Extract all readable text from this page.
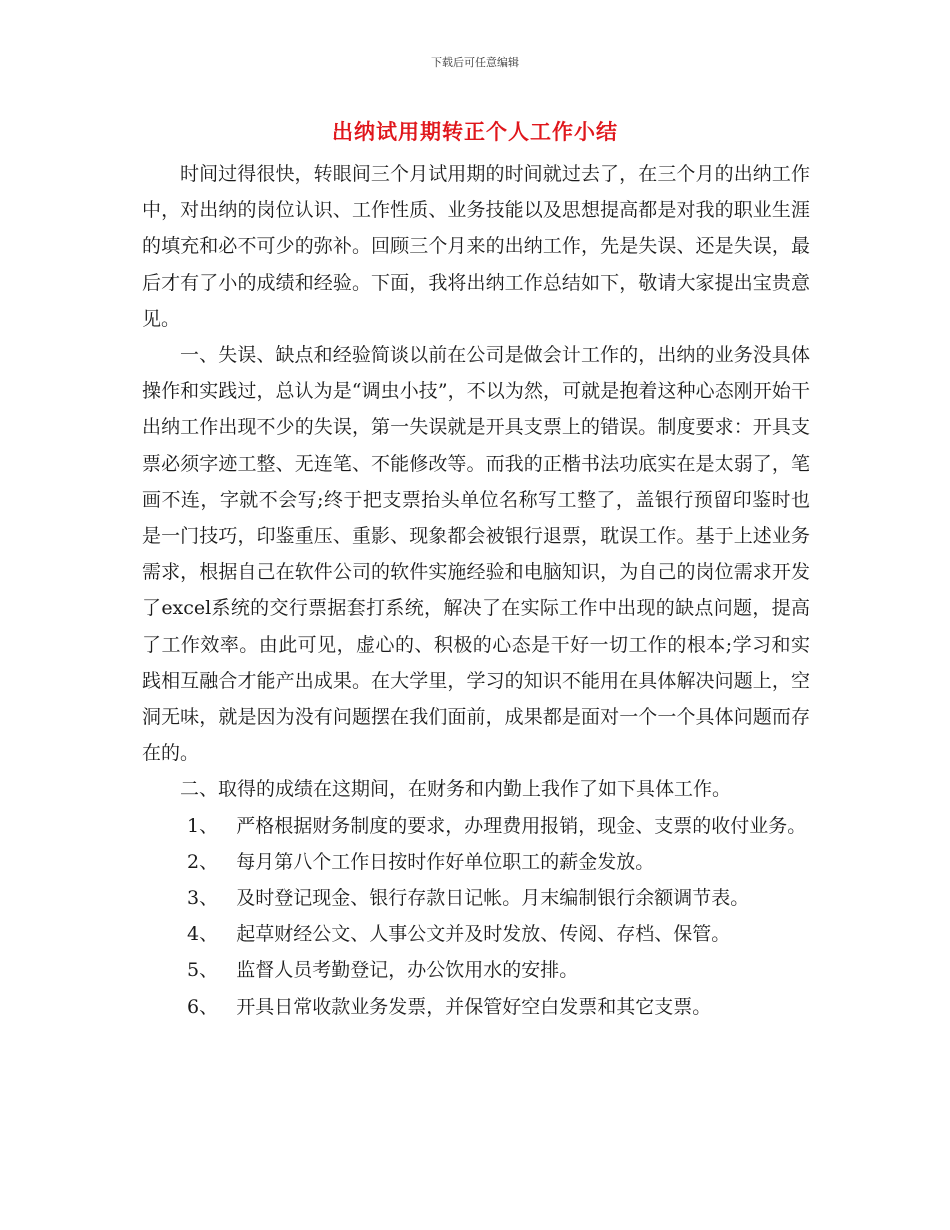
下载后可任意编辑
出纳试用期转正个人工作小结

时间过得很快，转眼间三个月试用期的时间就过去了，在三个月的出纳工作中，对出纳的岗位认识、工作性质、业务技能以及思想提高都是对我的职业生涯的填充和必不可少的弥补。回顾三个月来的出纳工作，先是失误、还是失误，最后才有了小的成绩和经验。下面，我将出纳工作总结如下，敬请大家提出宝贵意见。

一、失误、缺点和经验简谈以前在公司是做会计工作的，出纳的业务没具体操作和实践过，总认为是“调虫小技”，不以为然，可就是抱着这种心态刚开始干出纳工作出现不少的失误，第一失误就是开具支票上的错误。制度要求：开具支票必须字迹工整、无连笔、不能修改等。而我的正楷书法功底实在是太弱了，笔画不连，字就不会写;终于把支票抬头单位名称写工整了，盖银行预留印鉴时也是一门技巧，印鉴重压、重影、现象都会被银行退票，耽误工作。基于上述业务需求，根据自己在软件公司的软件实施经验和电脑知识，为自己的岗位需求开发了excel系统的交行票据套打系统，解决了在实际工作中出现的缺点问题，提高了工作效率。由此可见，虚心的、积极的心态是干好一切工作的根本;学习和实践相互融合才能产出成果。在大学里，学习的知识不能用在具体解决问题上，空洞无味，就是因为没有问题摆在我们面前，成果都是面对一个一个具体问题而存在的。

二、取得的成绩在这期间，在财务和内勤上我作了如下具体工作。

1、 严格根据财务制度的要求，办理费用报销，现金、支票的收付业务。

2、 每月第八个工作日按时作好单位职工的薪金发放。

3、 及时登记现金、银行存款日记帐。月末编制银行余额调节表。

4、 起草财经公文、人事公文并及时发放、传阅、存档、保管。

5、 监督人员考勤登记，办公饮用水的安排。

6、 开具日常收款业务发票，并保管好空白发票和其它支票。
